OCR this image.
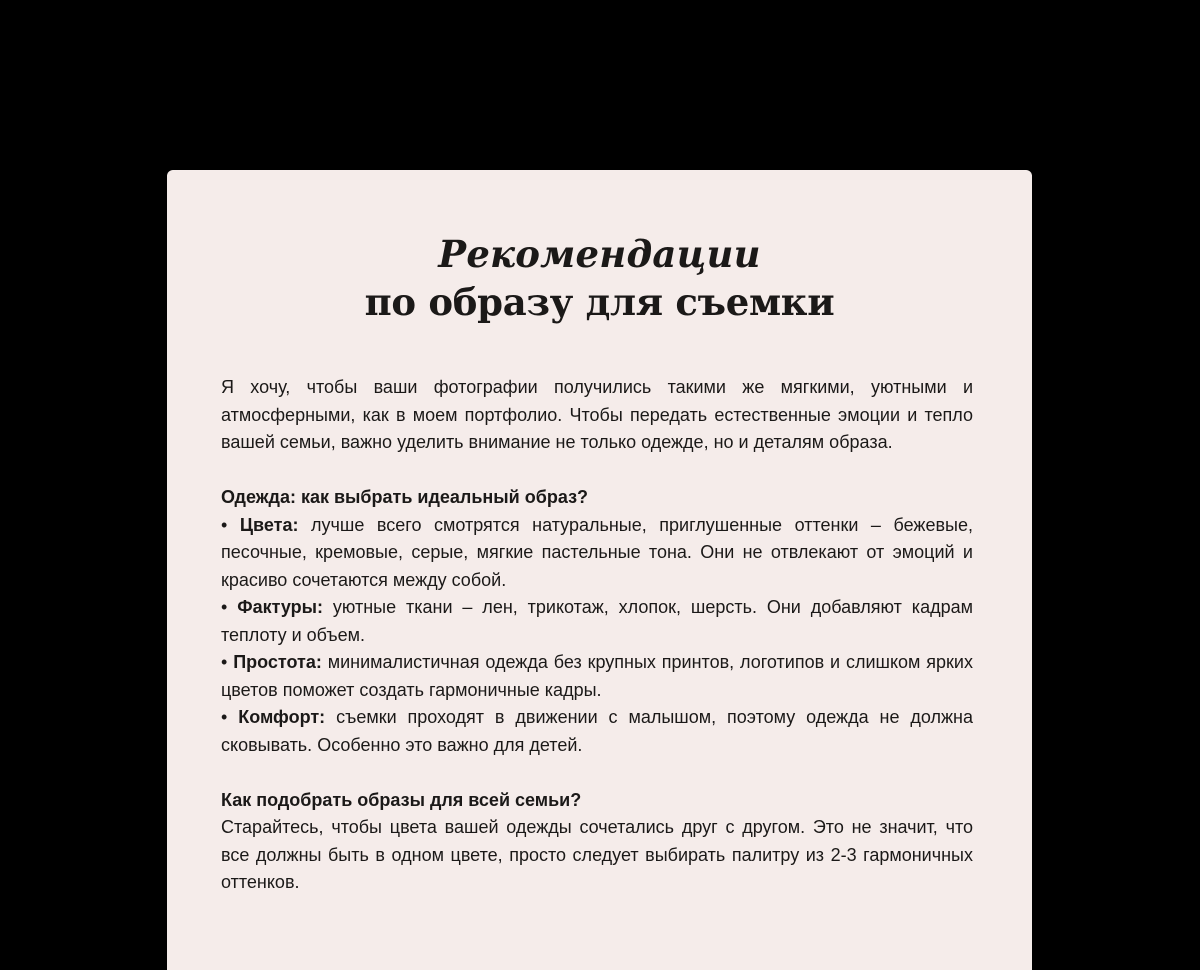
Рекомендации
по образу для съемки

Я хочу, чтобы ваши фотографии получились такими же мягкими, уютными и атмосферными, как в моем портфолио. Чтобы передать естественные эмоции и тепло вашей семьи, важно уделить внимание не только одежде, но и деталям образа.

Одежда: как выбрать идеальный образ?

• Цвета: лучше всего смотрятся натуральные, приглушенные оттенки – бежевые, песочные, кремовые, серые, мягкие пастельные тона. Они не отвлекают от эмоций и красиво сочетаются между собой.

• Фактуры: уютные ткани – лен, трикотаж, хлопок, шерсть. Они добавляют кадрам теплоту и объем.

• Простота: минималистичная одежда без крупных принтов, логотипов и слишком ярких цветов поможет создать гармоничные кадры.

• Комфорт: съемки проходят в движении с малышом, поэтому одежда не должна сковывать. Особенно это важно для детей.

Как подобрать образы для всей семьи?

Старайтесь, чтобы цвета вашей одежды сочетались друг с другом. Это не значит, что все должны быть в одном цвете, просто следует выбирать палитру из 2-3 гармоничных оттенков.
